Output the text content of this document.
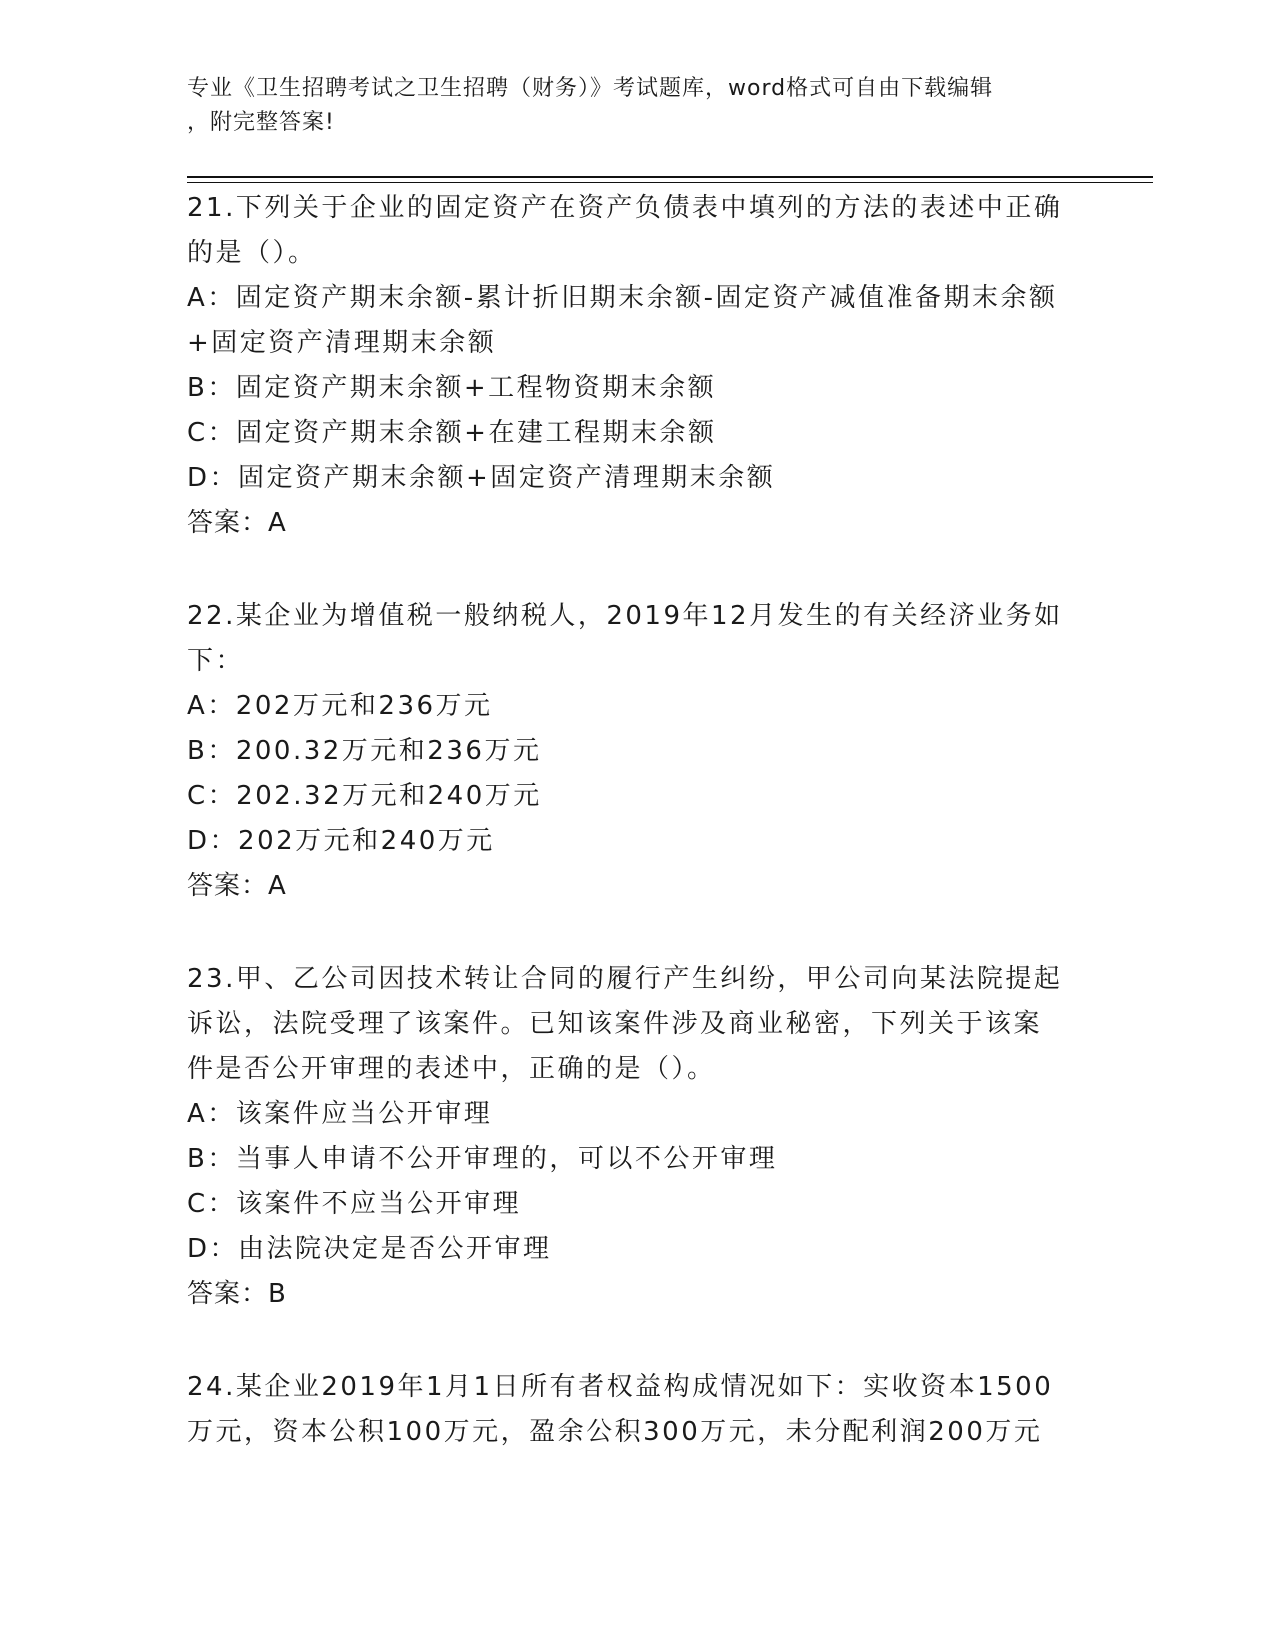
专业《卫生招聘考试之卫生招聘（财务）》考试题库，word格式可自由下载编辑
，附完整答案!

21.下列关于企业的固定资产在资产负债表中填列的方法的表述中正确

的是（）。

A：固定资产期末余额-累计折旧期末余额-固定资产减值准备期末余额

+固定资产清理期末余额

B：固定资产期末余额+工程物资期末余额

C：固定资产期末余额+在建工程期末余额

D：固定资产期末余额+固定资产清理期末余额

答案：A

22.某企业为增值税一般纳税人，2019年12月发生的有关经济业务如

下：

A：202万元和236万元

B：200.32万元和236万元

C：202.32万元和240万元

D：202万元和240万元

答案：A

23.甲、乙公司因技术转让合同的履行产生纠纷，甲公司向某法院提起

诉讼，法院受理了该案件。已知该案件涉及商业秘密，下列关于该案

件是否公开审理的表述中，正确的是（）。

A：该案件应当公开审理

B：当事人申请不公开审理的，可以不公开审理

C：该案件不应当公开审理

D：由法院决定是否公开审理

答案：B

24.某企业2019年1月1日所有者权益构成情况如下：实收资本1500

万元，资本公积100万元，盈余公积300万元，未分配利润200万元
